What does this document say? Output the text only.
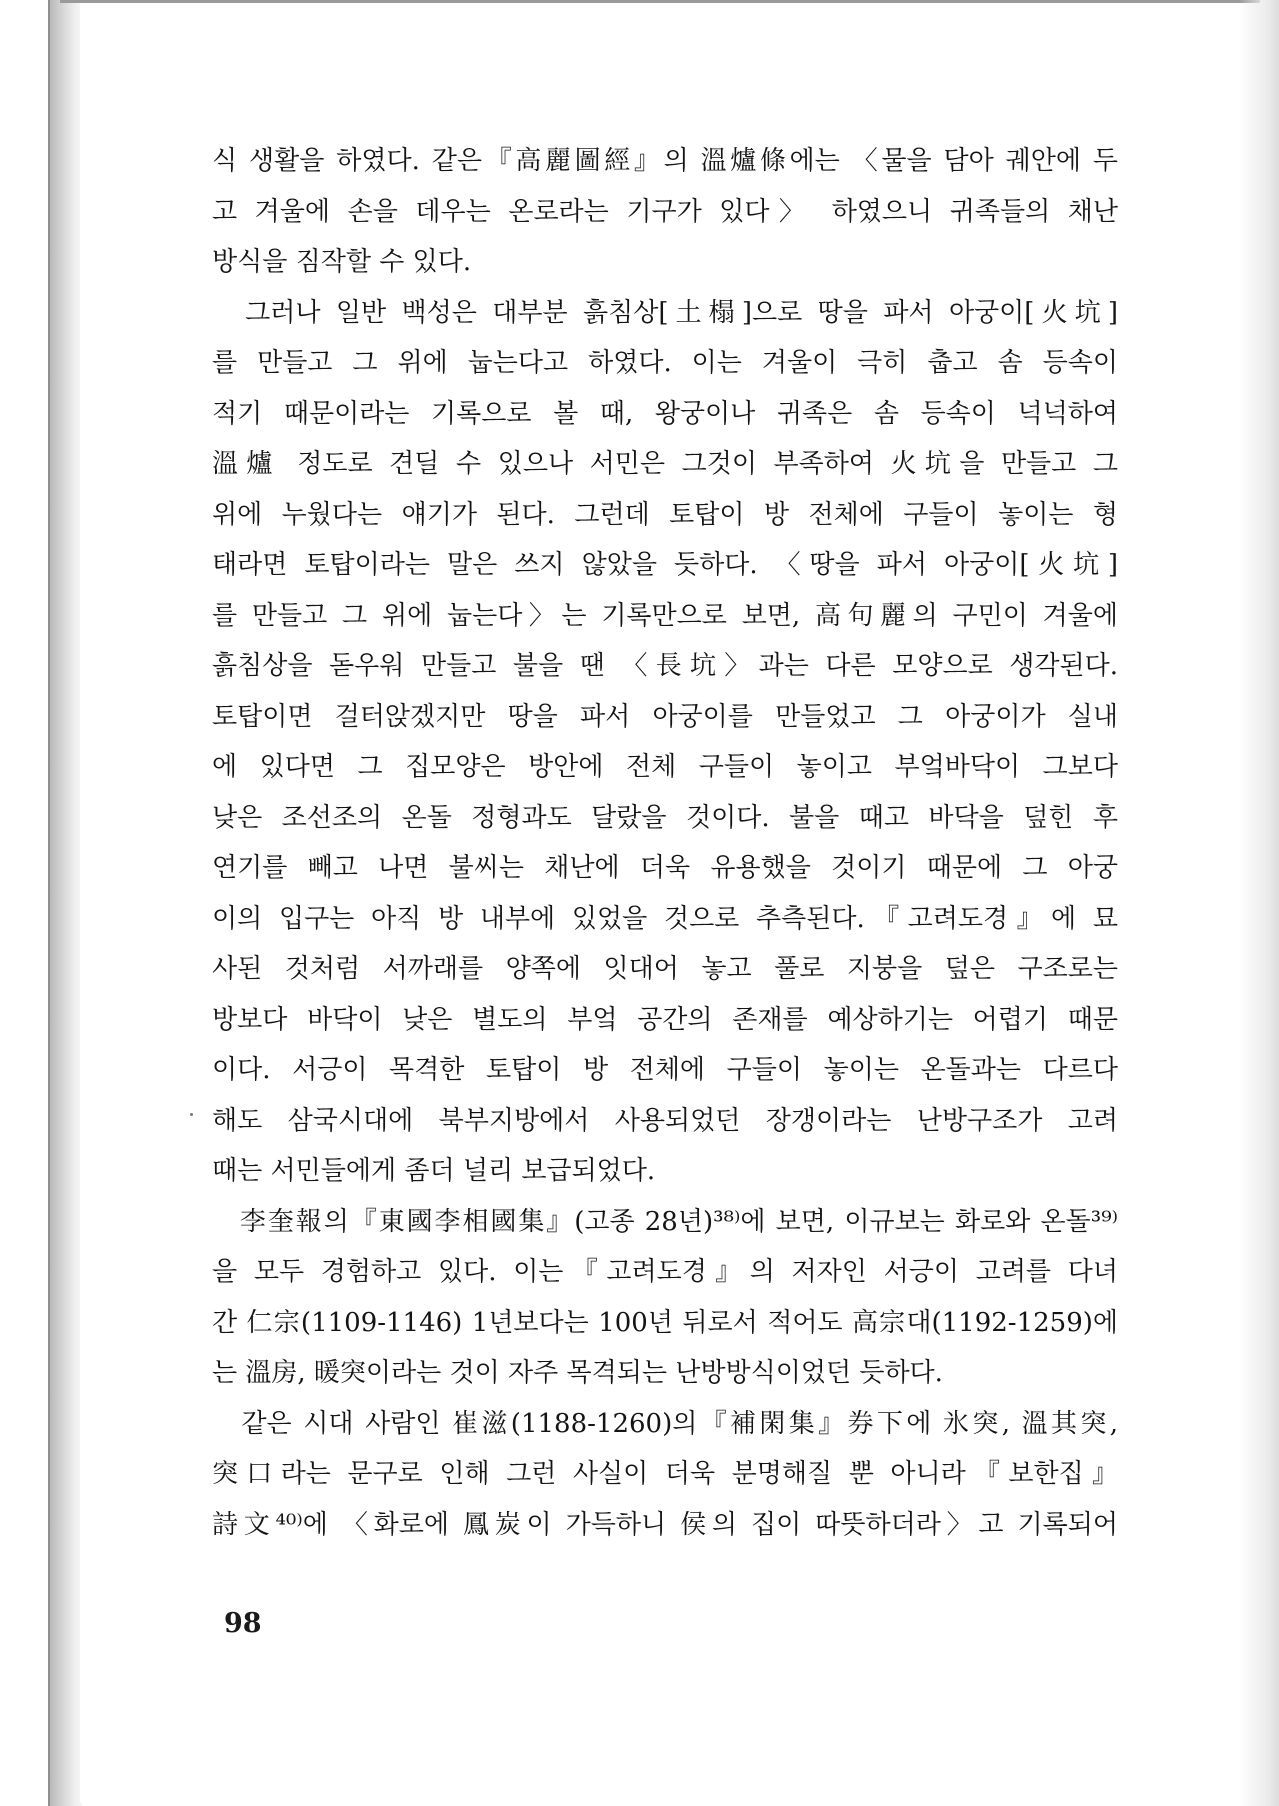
식 생활을 하였다. 같은『高麗圖經』의 溫爐條에는 〈물을 담아 궤안에 두
고 겨울에 손을 데우는 온로라는 기구가 있다〉 하였으니 귀족들의 채난
방식을 짐작할 수 있다.
　그러나 일반 백성은 대부분 흙침상[土榻]으로 땅을 파서 아궁이[火坑]
를 만들고 그 위에 눕는다고 하였다. 이는 겨울이 극히 춥고 솜 등속이
적기 때문이라는 기록으로 볼 때, 왕궁이나 귀족은 솜 등속이 넉넉하여
溫爐 정도로 견딜 수 있으나 서민은 그것이 부족하여 火坑을 만들고 그
위에 누웠다는 얘기가 된다. 그런데 토탑이 방 전체에 구들이 놓이는 형
태라면 토탑이라는 말은 쓰지 않았을 듯하다. 〈땅을 파서 아궁이[火坑]
를 만들고 그 위에 눕는다〉는 기록만으로 보면, 高句麗의 구민이 겨울에
흙침상을 돋우워 만들고 불을 땐 〈長坑〉과는 다른 모양으로 생각된다.
토탑이면 걸터앉겠지만 땅을 파서 아궁이를 만들었고 그 아궁이가 실내
에 있다면 그 집모양은 방안에 전체 구들이 놓이고 부엌바닥이 그보다
낮은 조선조의 온돌 정형과도 달랐을 것이다. 불을 때고 바닥을 덮힌 후
연기를 빼고 나면 불씨는 채난에 더욱 유용했을 것이기 때문에 그 아궁
이의 입구는 아직 방 내부에 있었을 것으로 추측된다.『고려도경』에 묘
사된 것처럼 서까래를 양쪽에 잇대어 놓고 풀로 지붕을 덮은 구조로는
방보다 바닥이 낮은 별도의 부엌 공간의 존재를 예상하기는 어렵기 때문
이다. 서긍이 목격한 토탑이 방 전체에 구들이 놓이는 온돌과는 다르다
해도 삼국시대에 북부지방에서 사용되었던 장갱이라는 난방구조가 고려
때는 서민들에게 좀더 널리 보급되었다.
　李奎報의『東國李相國集』(고종 28년)³⁸⁾에 보면, 이규보는 화로와 온돌³⁹⁾
을 모두 경험하고 있다. 이는『고려도경』의 저자인 서긍이 고려를 다녀
간 仁宗(1109-1146) 1년보다는 100년 뒤로서 적어도 高宗대(1192-1259)에
는 溫房, 暖突이라는 것이 자주 목격되는 난방방식이었던 듯하다.
　같은 시대 사람인 崔滋(1188-1260)의『補閑集』券下에 氷突, 溫其突,
突口라는 문구로 인해 그런 사실이 더욱 분명해질 뿐 아니라『보한집』
詩文⁴⁰⁾에 〈화로에 鳳炭이 가득하니 侯의 집이 따뜻하더라〉고 기록되어
98
